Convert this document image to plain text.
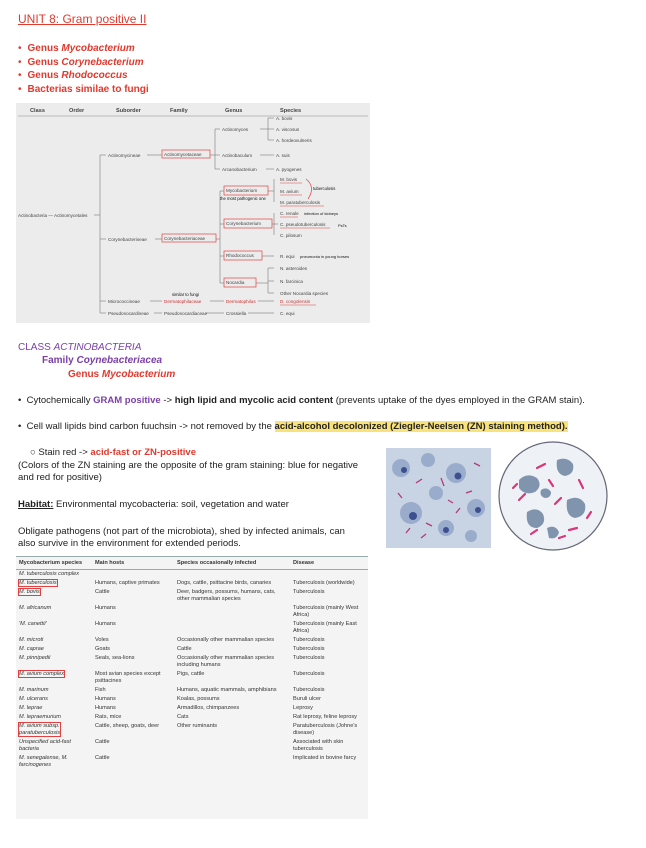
UNIT 8: Gram positive II
• Genus Mycobacterium
• Genus Corynebacterium
• Genus Rhodococcus
• Bacterias similae to fungi
Class	Order	Suborder	Family	Genus	Species
Actinobacteria — Actinomycetales
Actinomycineae
Corynebacterineae
Micrococcineae
Pseudonocardineae
Actinomycetaceae
Corynebacteriaceae
Dermatophilaceae
Pseudonocardiaceae
Actinomyces
Actinobaculum
Arcanobacterium
Mycobacterium
Corynebacterium
Rhodococcus
Nocardia
Dermatophilus
Crossiella
A. bovis
A. viscosus
A. hordeovulneris
A. suis
A. pyogenes
M. bovis
M. avium
M. paratuberculosis
C. renale
C. pseudotuberculosis
C. pilosum
R. equi
N. asteroides
N. farcinica
Other Nocardia species
D. congolensis
C. equi
tuberculosis
the most pathogenic one
infection of kidneys
PsTs
pneumonia in young horses
similar to fungi
CLASS ACTINOBACTERIA
Family Coynebacteriacea
Genus Mycobacterium
•  Cytochemically GRAM positive -> high lipid and mycolic acid content (prevents uptake of the dyes employed in the GRAM stain).
•  Cell wall lipids bind carbon fuuchsin -> not removed by the acid-alcohol decolonized (Ziegler-Neelsen (ZN) staining method).
○ Stain red -> acid-fast or ZN-positive
(Colors of the ZN staining are the opposite of the gram staining: blue for negative and red for positive)
Habitat: Environmental mycobacteria: soil, vegetation and water
Obligate pathogens (not part of the microbiota), shed by infected animals, can also survive in the environment for extended periods.
Mycobacterium species	Main hosts	Species occasionally infected	Disease
M. tuberculosis complex			
M. tuberculosis	Humans, captive primates	Dogs, cattle, psittacine birds, canaries	Tuberculosis (worldwide)
M. bovis	Cattle	Deer, badgers, possums, humans, cats, other mammalian species	Tuberculosis
M. africanum	Humans		Tuberculosis (mainly West Africa)
'M. canettii'	Humans		Tuberculosis (mainly East Africa)
M. microti	Voles	Occasionally other mammalian species	Tuberculosis
M. caprae	Goats	Cattle	Tuberculosis
M. pinnipedii	Seals, sea-lions	Occasionally other mammalian species including humans	Tuberculosis
M. avium complex	Most avian species except psittacines	Pigs, cattle	Tuberculosis
M. marinum	Fish	Humans, aquatic mammals, amphibians	Tuberculosis
M. ulcerans	Humans	Koalas, possums	Buruli ulcer
M. leprae	Humans	Armadillos, chimpanzees	Leprosy
M. lepraemurium	Rats, mice	Cats	Rat leprosy, feline leprosy
M. avium subsp. paratuberculosis	Cattle, sheep, goats, deer	Other ruminants	Paratuberculosis (Johne's disease)
Unspecified acid-fast bacteria	Cattle		Associated with skin tuberculosis
M. senegalense, M. farcinogenes	Cattle		Implicated in bovine farcy
